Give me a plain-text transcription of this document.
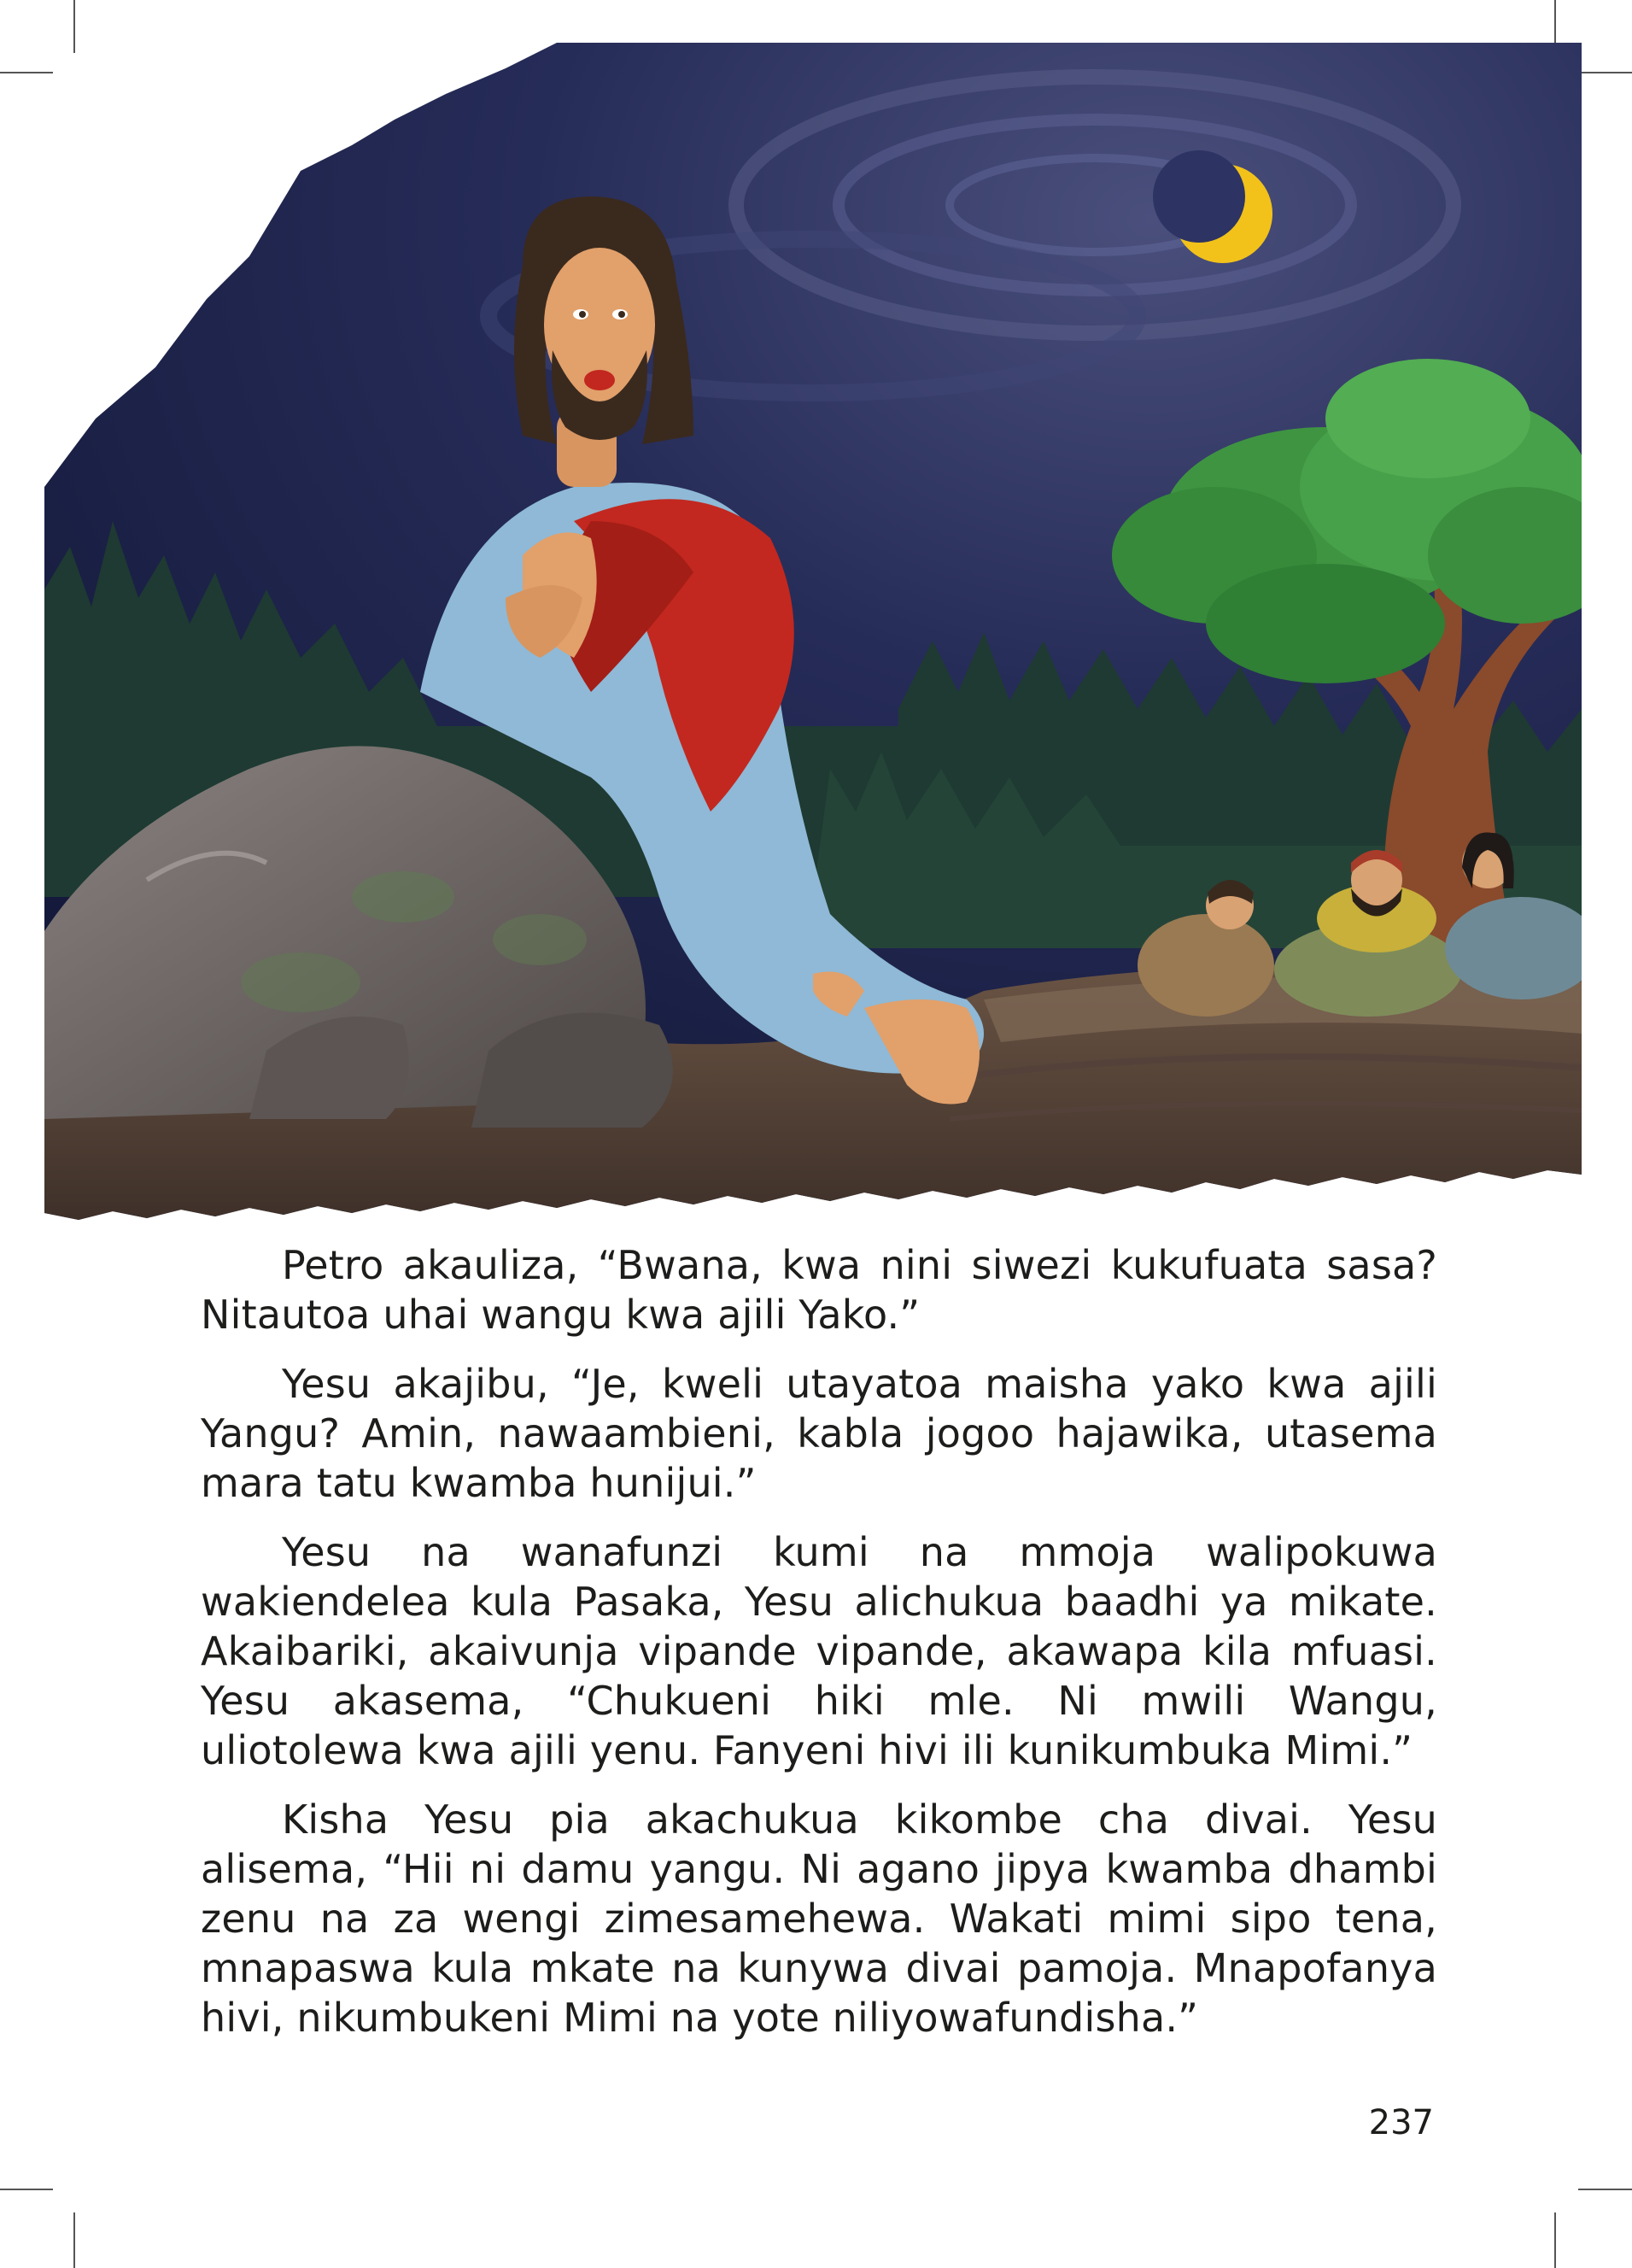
Petro akauliza, “Bwana, kwa nini siwezi kukufuata sasa? Nitautoa uhai wangu kwa ajili Yako.”

Yesu akajibu, “Je, kweli utayatoa maisha yako kwa ajili Yangu? Amin, nawaambieni, kabla jogoo hajawika, utasema mara tatu kwamba hunijui.”

Yesu na wanafunzi kumi na mmoja walipokuwa wakiendelea kula Pasaka, Yesu alichukua baadhi ya mikate. Akaibariki, akaivunja vipande vipande, akawapa kila mfuasi. Yesu akasema, “Chukueni hiki mle. Ni mwili Wangu, uliotolewa kwa ajili yenu. Fanyeni hivi ili kunikumbuka Mimi.”

Kisha Yesu pia akachukua kikombe cha divai. Yesu alisema, “Hii ni damu yangu. Ni agano jipya kwamba dhambi zenu na za wengi zimesamehewa. Wakati mimi sipo tena, mnapaswa kula mkate na kunywa divai pamoja. Mnapofanya hivi, nikumbukeni Mimi na yote niliyowafundisha.”

237
